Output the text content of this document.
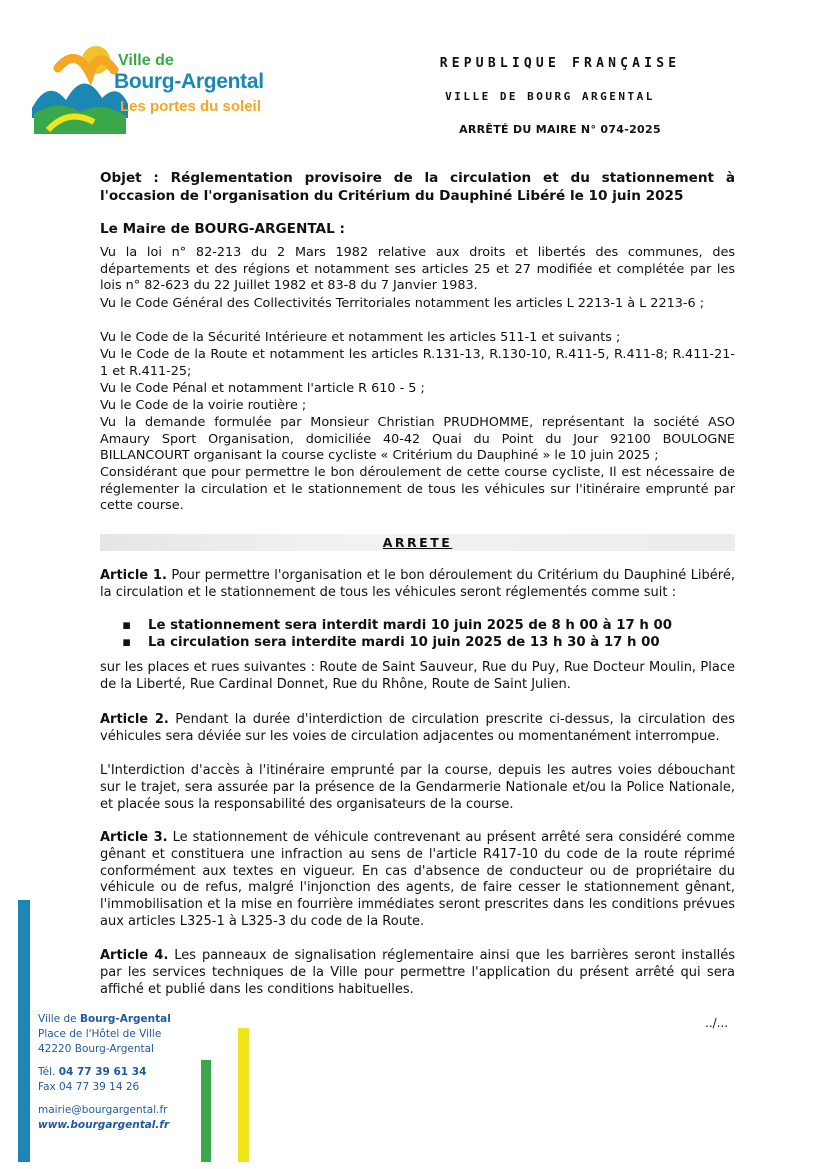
Ville de
Bourg-Argental
Les portes du soleil
REPUBLIQUE FRANÇAISE
VILLE DE BOURG ARGENTAL
ARRÊTÉ DU MAIRE N° 074-2025
Objet : Réglementation provisoire de la circulation et du stationnement à l'occasion de l'organisation du Critérium du Dauphiné Libéré le 10 juin 2025
Le Maire de BOURG-ARGENTAL :
Vu la loi n° 82-213 du 2 Mars 1982 relative aux droits et libertés des communes, des départements et des régions et notamment ses articles 25 et 27 modifiée et complétée par les lois n° 82-623 du 22 Juillet 1982 et 83-8 du 7 Janvier 1983.
Vu le Code Général des Collectivités Territoriales notamment les articles L 2213-1 à L 2213-6 ;
Vu le Code de la Sécurité Intérieure et notamment les articles 511-1 et suivants ;
Vu le Code de la Route et notamment les articles R.131-13, R.130-10, R.411-5, R.411-8; R.411-21-1 et R.411-25;
Vu le Code Pénal et notamment l'article R 610 - 5 ;
Vu le Code de la voirie routière ;
Vu la demande formulée par Monsieur Christian PRUDHOMME, représentant la société ASO Amaury Sport Organisation, domiciliée 40-42 Quai du Point du Jour 92100 BOULOGNE BILLANCOURT organisant la course cycliste « Critérium du Dauphiné » le 10 juin 2025 ;
Considérant que pour permettre le bon déroulement de cette course cycliste, Il est nécessaire de réglementer la circulation et le stationnement de tous les véhicules sur l'itinéraire emprunté par cette course.
ARRETE
Article 1. Pour permettre l'organisation et le bon déroulement du Critérium du Dauphiné Libéré, la circulation et le stationnement de tous les véhicules seront réglementés comme suit :
▪ Le stationnement sera interdit mardi 10 juin 2025 de 8 h 00 à 17 h 00
▪ La circulation sera interdite mardi 10 juin 2025 de 13 h 30 à 17 h 00
sur les places et rues suivantes : Route de Saint Sauveur, Rue du Puy, Rue Docteur Moulin, Place de la Liberté, Rue Cardinal Donnet, Rue du Rhône, Route de Saint Julien.
Article 2. Pendant la durée d'interdiction de circulation prescrite ci-dessus, la circulation des véhicules sera déviée sur les voies de circulation adjacentes ou momentanément interrompue.
L'Interdiction d'accès à l'itinéraire emprunté par la course, depuis les autres voies débouchant sur le trajet, sera assurée par la présence de la Gendarmerie Nationale et/ou la Police Nationale, et placée sous la responsabilité des organisateurs de la course.
Article 3. Le stationnement de véhicule contrevenant au présent arrêté sera considéré comme gênant et constituera une infraction au sens de l'article R417-10 du code de la route réprimé conformément aux textes en vigueur. En cas d'absence de conducteur ou de propriétaire du véhicule ou de refus, malgré l'injonction des agents, de faire cesser le stationnement gênant, l'immobilisation et la mise en fourrière immédiates seront prescrites dans les conditions prévues aux articles L325-1 à L325-3 du code de la Route.
Article 4. Les panneaux de signalisation réglementaire ainsi que les barrières seront installés par les services techniques de la Ville pour permettre l'application du présent arrêté qui sera affiché et publié dans les conditions habituelles.
../...
Ville de Bourg-Argental
Place de l'Hôtel de Ville
42220 Bourg-Argental
Tél. 04 77 39 61 34
Fax 04 77 39 14 26
mairie@bourgargental.fr
www.bourgargental.fr
